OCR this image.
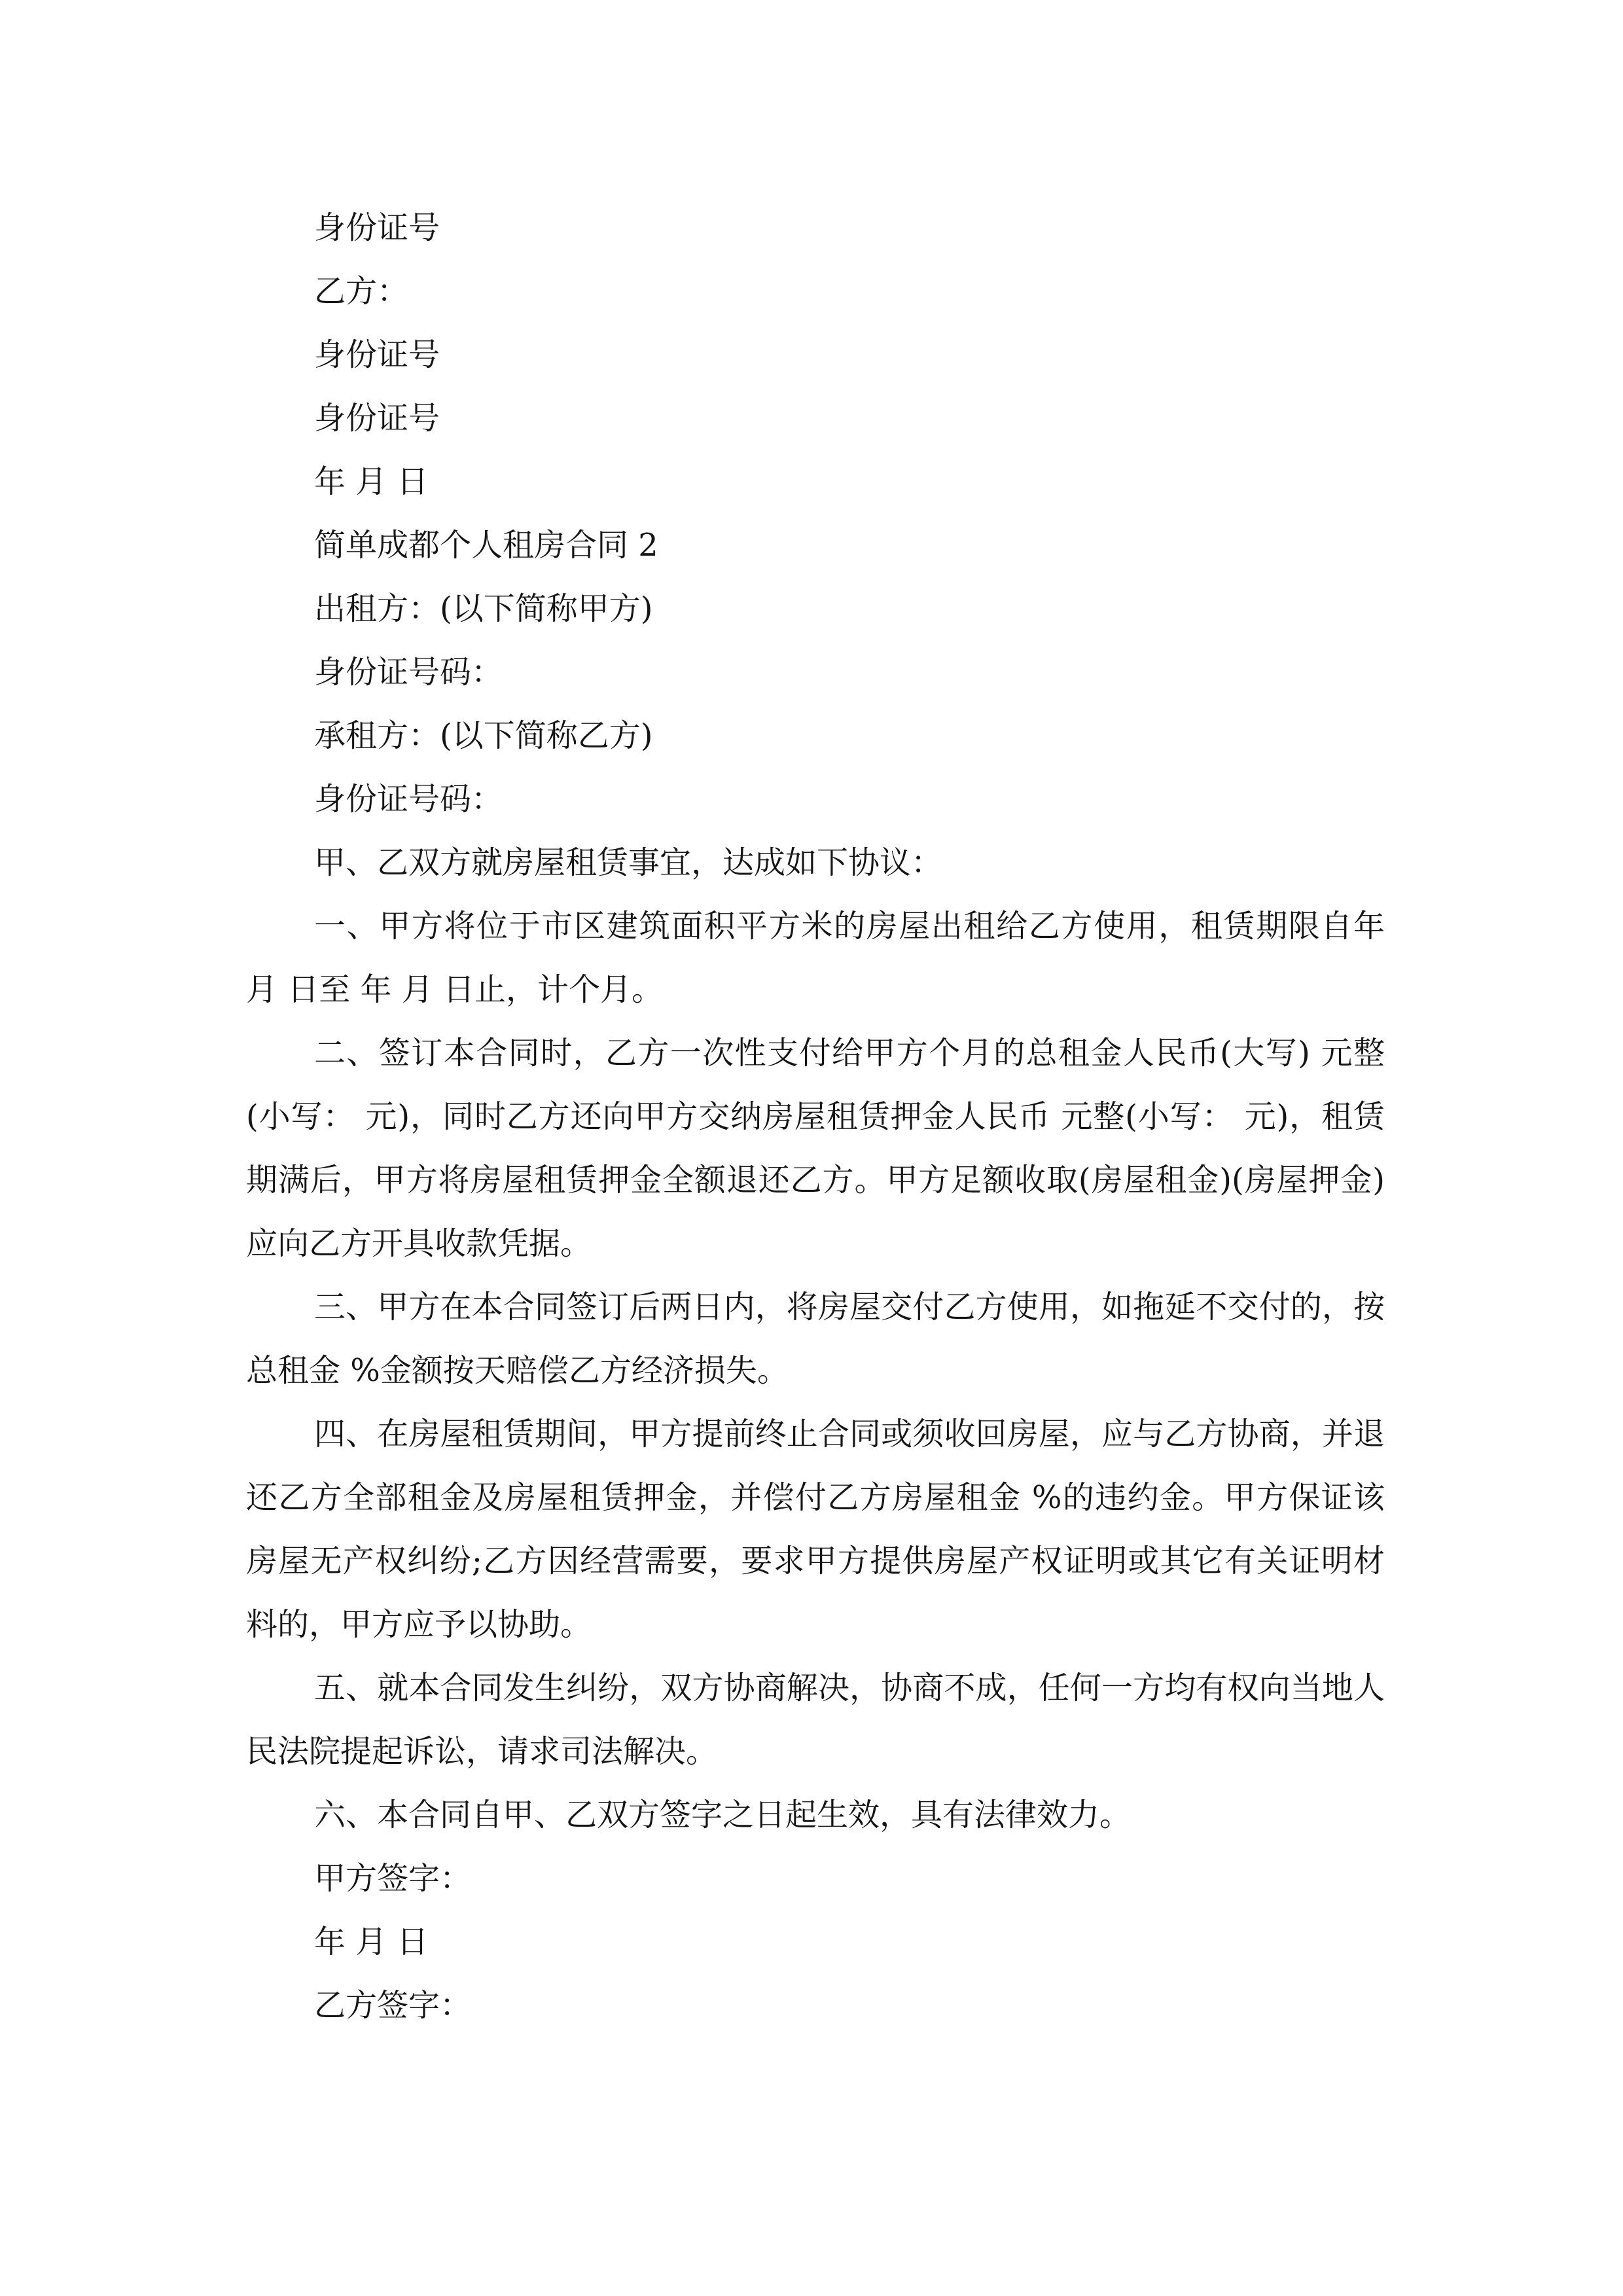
身份证号

乙方：

身份证号

身份证号

年 月 日

简单成都个人租房合同 2

出租方：(以下简称甲方)

身份证号码：

承租方：(以下简称乙方)

身份证号码：

甲、乙双方就房屋租赁事宜，达成如下协议：

一、甲方将位于市区建筑面积平方米的房屋出租给乙方使用，租赁期限自年 月 日至 年 月 日止，计个月。

二、签订本合同时，乙方一次性支付给甲方个月的总租金人民币(大写) 元整(小写： 元)，同时乙方还向甲方交纳房屋租赁押金人民币 元整(小写： 元)，租赁期满后，甲方将房屋租赁押金全额退还乙方。甲方足额收取(房屋租金)(房屋押金)应向乙方开具收款凭据。

三、甲方在本合同签订后两日内，将房屋交付乙方使用，如拖延不交付的，按总租金 %金额按天赔偿乙方经济损失。

四、在房屋租赁期间，甲方提前终止合同或须收回房屋，应与乙方协商，并退还乙方全部租金及房屋租赁押金，并偿付乙方房屋租金 %的违约金。甲方保证该房屋无产权纠纷;乙方因经营需要，要求甲方提供房屋产权证明或其它有关证明材料的，甲方应予以协助。

五、就本合同发生纠纷，双方协商解决，协商不成，任何一方均有权向当地人民法院提起诉讼，请求司法解决。

六、本合同自甲、乙双方签字之日起生效，具有法律效力。

甲方签字：

年 月 日

乙方签字：
